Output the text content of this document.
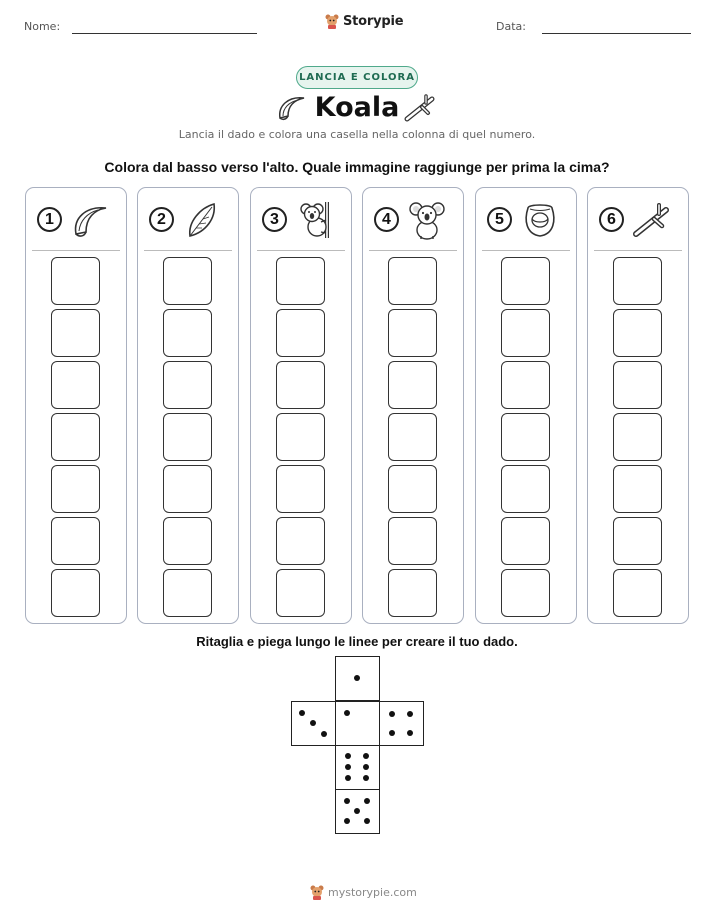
Nome:	Storypie	Data:
LANCIA E COLORA
Koala
Lancia il dado e colora una casella nella colonna di quel numero.
Colora dal basso verso l'alto. Quale immagine raggiunge per prima la cima?
1	2	3	4	5	6
Ritaglia e piega lungo le linee per creare il tuo dado.
mystorypie.com
